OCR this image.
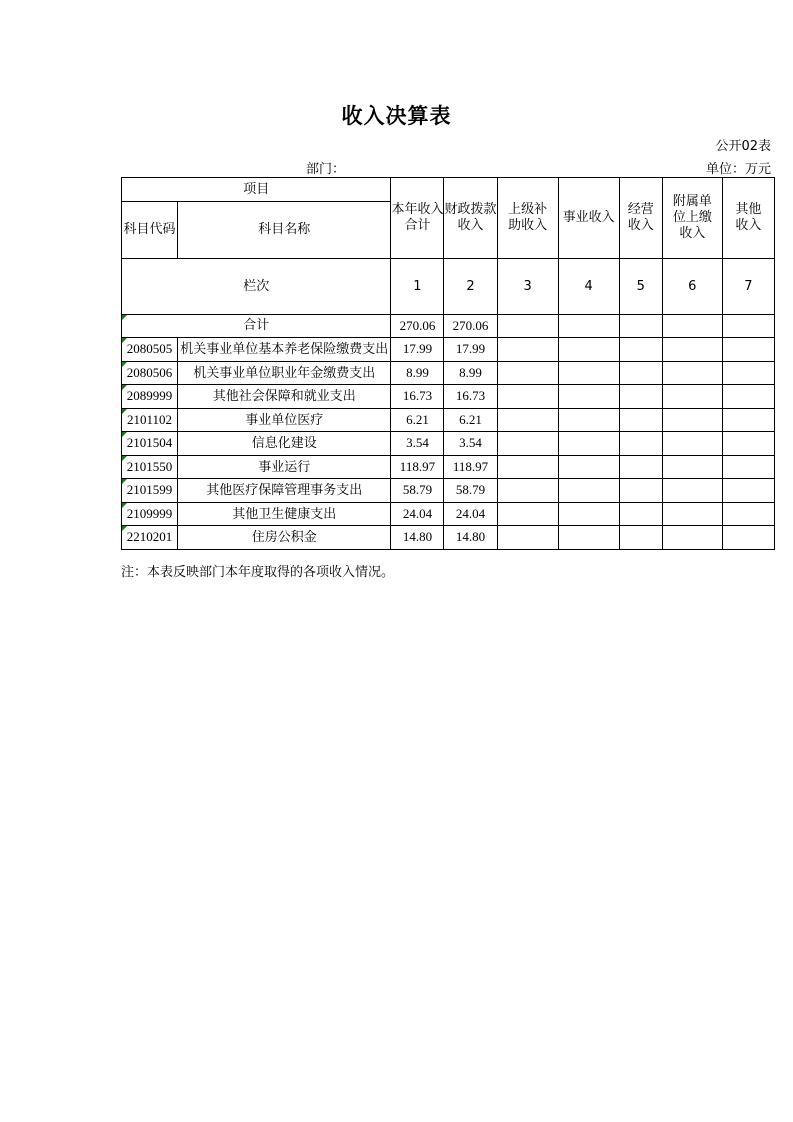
收入决算表
公开02表
部门：	单位：万元
项目		本年收入合计	财政拨款收入	上级补助收入	事业收入	经营收入	附属单位上缴收入	其他收入
科目代码	科目名称							
栏次		1	2	3	4	5	6	7
合计		270.06	270.06					
2080505	机关事业单位基本养老保险缴费支出	17.99	17.99					
2080506	机关事业单位职业年金缴费支出	8.99	8.99					
2089999	其他社会保障和就业支出	16.73	16.73					
2101102	事业单位医疗	6.21	6.21					
2101504	信息化建设	3.54	3.54					
2101550	事业运行	118.97	118.97					
2101599	其他医疗保障管理事务支出	58.79	58.79					
2109999	其他卫生健康支出	24.04	24.04					
2210201	住房公积金	14.80	14.80					
注：本表反映部门本年度取得的各项收入情况。
